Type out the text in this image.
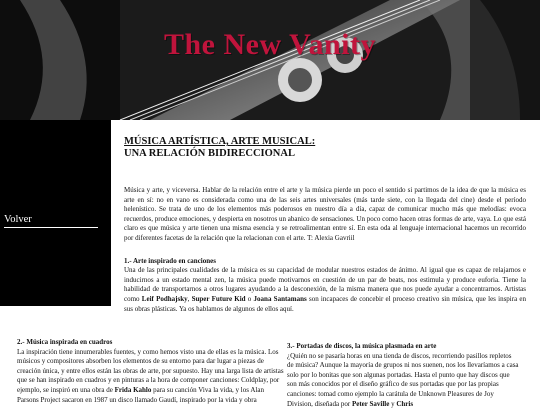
The New Vanity
Volver
MÚSICA ARTÍSTICA, ARTE MUSICAL:
UNA RELACIÓN BIDIRECCIONAL

Música y arte, y viceversa. Hablar de la relación entre el arte y la música pierde un poco el sentido si partimos de la idea de que la música es arte en sí: no en vano es considerada como una de las seis artes universales (más tarde siete, con la llegada del cine) desde el período helenístico. Se trata de uno de los elementos más poderosos en nuestro día a día, capaz de comunicar mucho más que melodías: evoca recuerdos, produce emociones, y despierta en nosotros un abanico de sensaciones. Un poco como hacen otras formas de arte, vaya. Lo que está claro es que música y arte tienen una misma esencia y se retroalimentan entre sí. En esta oda al lenguaje internacional hacemos un recorrido por diferentes facetas de la relación que la relacionan con el arte. T: Alexia Gavriil

1.- Arte inspirado en canciones
Una de las principales cualidades de la música es su capacidad de modular nuestros estados de ánimo. Al igual que es capaz de relajarnos e inducirnos a un estado mental zen, la música puede motivarnos en cuestión de un par de beats, nos estimula y produce euforia. Tiene la habilidad de transportarnos a otros lugares ayudando a la desconexión, de la misma manera que nos puede ayudar a concentrarnos. Artistas como Leif Podhajsky, Super Future Kid o Joana Santamans son incapaces de concebir el proceso creativo sin música, que les inspira en sus obras plásticas. Ya os hablamos de algunos de ellos aquí.
2.- Música inspirada en cuadros
La inspiración tiene innumerables fuentes, y como hemos visto una de ellas es la música. Los músicos y compositores absorben los elementos de su entorno para dar lugar a piezas de creación única, y entre ellos están las obras de arte, por supuesto. Hay una larga lista de artistas que se han inspirado en cuadros y en pinturas a la hora de componer canciones: Coldplay, por ejemplo, se inspiró en una obra de Frida Kahlo para su canción Viva la vida, y los Alan Parsons Project sacaron en 1987 un disco llamado Gaudí, inspirado por la vida y obra
3.- Portadas de discos, la música plasmada en arte
¿Quién no se pasaría horas en una tienda de discos, recorriendo pasillos repletos de música? Aunque la mayoría de grupos ni nos suenen, nos los llevaríamos a casa solo por lo bonitas que son algunas portadas. Hasta el punto que hay discos que son más conocidos por el diseño gráfico de sus portadas que por las propias canciones: tomad como ejemplo la carátula de Unknown Pleasures de Joy Division, diseñada por Peter Saville y Chris
